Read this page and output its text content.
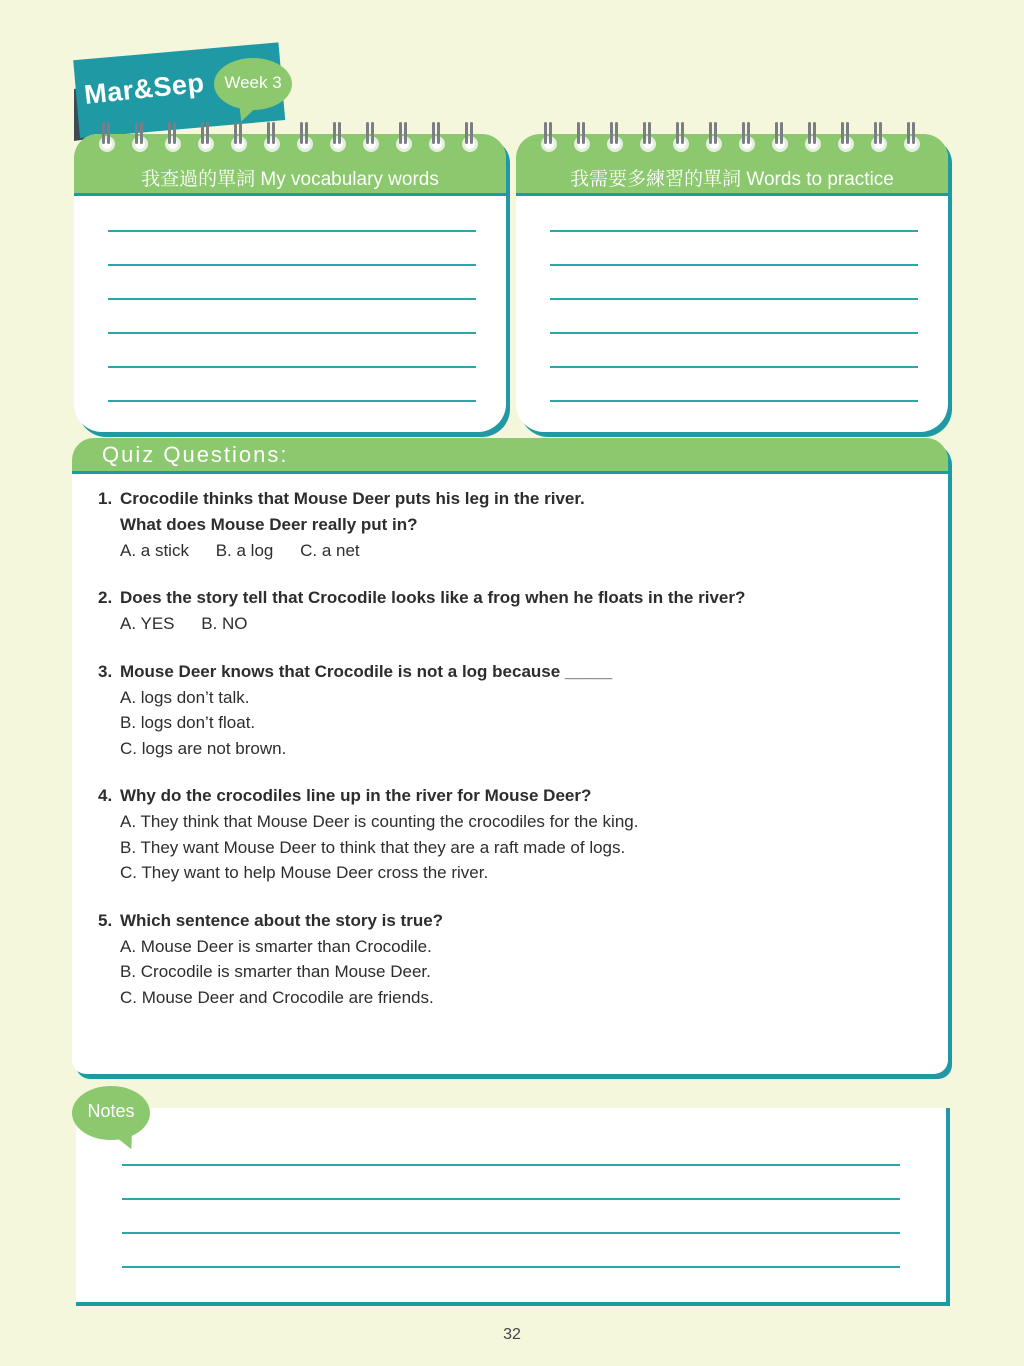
Mar&Sep	Week 3
我查過的單詞 My vocabulary words	我需要多練習的單詞 Words to practice
Quiz Questions:
1. Crocodile thinks that Mouse Deer puts his leg in the river.
What does Mouse Deer really put in?
A. a stick B. a log C. a net
2. Does the story tell that Crocodile looks like a frog when he floats in the river?
A. YES B. NO
3. Mouse Deer knows that Crocodile is not a log because _____
A. logs don’t talk.
B. logs don’t float.
C. logs are not brown.
4. Why do the crocodiles line up in the river for Mouse Deer?
A. They think that Mouse Deer is counting the crocodiles for the king.
B. They want Mouse Deer to think that they are a raft made of logs.
C. They want to help Mouse Deer cross the river.
5. Which sentence about the story is true?
A. Mouse Deer is smarter than Crocodile.
B. Crocodile is smarter than Mouse Deer.
C. Mouse Deer and Crocodile are friends.
Notes
32
